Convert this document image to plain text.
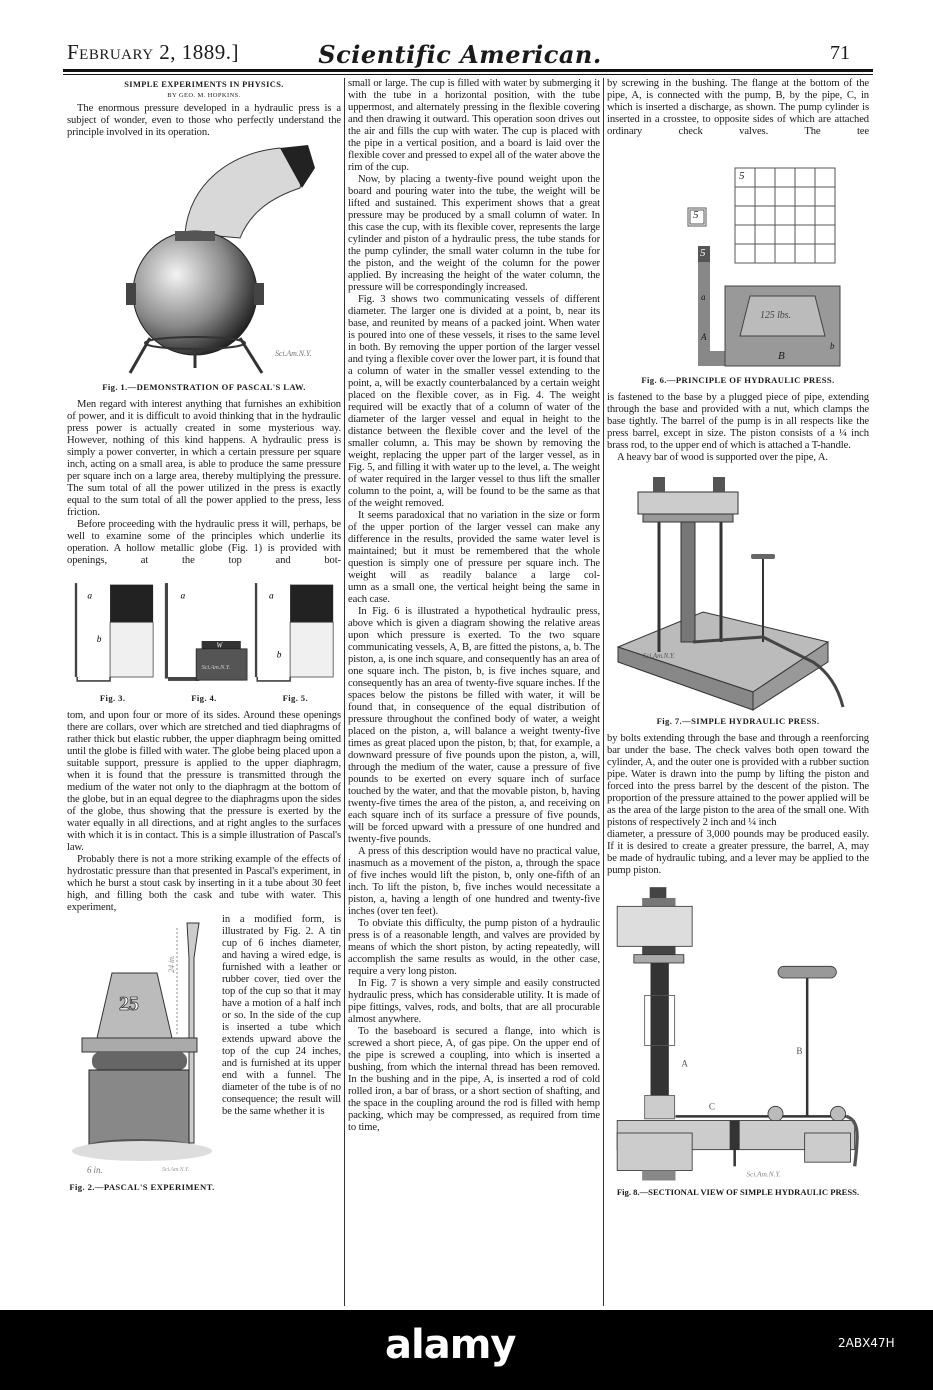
February 2, 1889.]	Scientific American.	71
SIMPLE EXPERIMENTS IN PHYSICS.
BY GEO. M. HOPKINS.

The enormous pressure developed in a hydraulic press is a subject of wonder, even to those who perfectly understand the principle involved in its operation.

Sci.Am.N.Y.
Fig. 1.—DEMONSTRATION OF PASCAL'S LAW.

Men regard with interest anything that furnishes an exhibition of power, and it is difficult to avoid thinking that in the hydraulic press power is actually created in some mysterious way. However, nothing of this kind happens. A hydraulic press is simply a power converter, in which a certain pressure per square inch, acting on a small area, is able to produce the same pressure per square inch on a large area, thereby multiplying the pressure. The sum total of all the power utilized in the press is exactly equal to the sum total of all the power applied to the press, less friction.

Before proceeding with the hydraulic press it will, perhaps, be well to examine some of the principles which underlie its operation. A hollow metallic globe (Fig. 1) is provided with openings, at the top and bot-

a
b
a
W
Sci.Am.N.Y.
a
b
Fig. 3.	Fig. 4.	Fig. 5.

tom, and upon four or more of its sides. Around these openings there are collars, over which are stretched and tied diaphragms of rather thick but elastic rubber, the upper diaphragm being omitted until the globe is filled with water. The globe being placed upon a suitable support, pressure is applied to the upper diaphragm, when it is found that the pressure is transmitted through the medium of the water not only to the diaphragm at the bottom of the globe, but in an equal degree to the diaphragms upon the sides of the globe, thus showing that the pressure is exerted by the water equally in all directions, and at right angles to the surfaces with which it is in contact. This is a simple illustration of Pascal's law.

Probably there is not a more striking example of the effects of hydrostatic pressure than that presented in Pascal's experiment, in which he burst a stout cask by inserting in it a tube about 30 feet high, and filling both the cask and tube with water. This experiment,

25
24 in.
6 in.	Sci.Am.N.Y.
Fig. 2.—PASCAL'S EXPERIMENT.

in a modified form, is illustrated by Fig. 2. A tin cup of 6 inches diameter, and having a wired edge, is furnished with a leather or rubber cover, tied over the top of the cup so that it may have a motion of a half inch or so. In the side of the cup is inserted a tube which extends upward above the top of the cup 24 inches, and is furnished at its upper end with a funnel. The diameter of the tube is of no consequence; the result will be the same whether it is

small or large. The cup is filled with water by submerging it with the tube in a horizontal position, with the tube uppermost, and alternately pressing in the flexible covering and then drawing it outward. This operation soon drives out the air and fills the cup with water. The cup is placed with the pipe in a vertical position, and a board is laid over the flexible cover and pressed to expel all of the water above the rim of the cup.

Now, by placing a twenty-five pound weight upon the board and pouring water into the tube, the weight will be lifted and sustained. This experiment shows that a great pressure may be produced by a small column of water. In this case the cup, with its flexible cover, represents the large cylinder and piston of a hydraulic press, the tube stands for the pump cylinder, the small water column in the tube for the piston, and the weight of the column for the power applied. By increasing the height of the water column, the pressure will be correspondingly increased.

Fig. 3 shows two communicating vessels of different diameter. The larger one is divided at a point, b, near its base, and reunited by means of a packed joint. When water is poured into one of these vessels, it rises to the same level in both. By removing the upper portion of the larger vessel and tying a flexible cover over the lower part, it is found that a column of water in the smaller vessel extending to the point, a, will be exactly counterbalanced by a certain weight placed on the flexible cover, as in Fig. 4. The weight required will be exactly that of a column of water of the diameter of the larger vessel and equal in height to the distance between the flexible cover and the level of the smaller column, a. This may be shown by removing the weight, replacing the upper part of the larger vessel, as in Fig. 5, and filling it with water up to the level, a. The weight of water required in the larger vessel to thus lift the smaller column to the point, a, will be found to be the same as that of the weight removed.

It seems paradoxical that no variation in the size or form of the upper portion of the larger vessel can make any difference in the results, provided the same water level is maintained; but it must be remembered that the whole question is simply one of pressure per square inch. The weight will as readily balance a large col-

umn as a small one, the vertical height being the same in each case.

In Fig. 6 is illustrated a hypothetical hydraulic press, above which is given a diagram showing the relative areas upon which pressure is exerted. To the two square communicating vessels, A, B, are fitted the pistons, a, b. The piston, a, is one inch square, and consequently has an area of one square inch. The piston, b, is five inches square, and consequently has an area of twenty-five square inches. If the spaces below the pistons be filled with water, it will be found that, in consequence of the equal distribution of

pressure throughout the confined body of water, a weight placed on the piston, a, will balance a weight twenty-five times as great placed upon the piston, b; that, for example, a downward pressure of five pounds upon the piston, a, will, through the medium of the water, cause a pressure of five pounds to be exerted on every square inch of surface touched by the water, and that the movable piston, b, having twenty-five times the area of the piston, a, and receiving on each square inch of its surface a pressure of five pounds, will be forced upward with a pressure of one hundred and twenty-five pounds.

A press of this description would have no practical value, inasmuch as a movement of the piston, a, through the space of five inches would lift the piston, b, only one-fifth of an inch. To lift the piston, b, five inches would necessitate a piston, a, having a length of one hundred and twenty-five inches (over ten feet).

To obviate this difficulty, the pump piston of a hydraulic press is of a reasonable length, and valves are provided by means of which the short piston, by acting repeatedly, will accomplish the same results as would, in the other case, require a very long piston.

In Fig. 7 is shown a very simple and easily constructed hydraulic press, which has considerable utility. It is made of pipe fittings, valves, rods, and bolts, that are all procurable almost anywhere.

To the baseboard is secured a flange, into which is screwed a short piece, A, of gas pipe. On the upper end of the pipe is screwed a coupling, into which is inserted a bushing, from which the internal thread has been removed. In the bushing and in the pipe, A, is inserted a rod of cold rolled iron, a bar of brass, or a short section of shafting, and the space in the coupling around the rod is filled with hemp packing, which may be compressed, as required from time to time,

by screwing in the bushing. The flange at the bottom of the pipe, A, is connected with the pump, B, by the pipe, C, in which is inserted a discharge, as shown. The pump cylinder is inserted in a crosstee, to opposite sides of which are attached ordinary check valves. The tee

5
5
5
a
A
125 lbs.
b
B
Fig. 6.—PRINCIPLE OF HYDRAULIC PRESS.

is fastened to the base by a plugged piece of pipe, extending through the base and provided with a nut, which clamps the base tightly. The barrel of the pump is in all respects like the press barrel, except in size. The piston consists of a ¼ inch brass rod, to the upper end of which is attached a T-handle.

A heavy bar of wood is supported over the pipe, A.

Sci.Am.N.Y.
Fig. 7.—SIMPLE HYDRAULIC PRESS.

by bolts extending through the base and through a reenforcing bar under the base. The check valves both open toward the cylinder, A, and the outer one is provided with a rubber suction pipe. Water is drawn into the pump by lifting the piston and forced into the press barrel by the descent of the piston. The proportion of the pressure attained to the power applied will be as the area of the large piston to the area of the small one. With pistons of respectively 2 inch and ¼ inch

diameter, a pressure of 3,000 pounds may be produced easily. If it is desired to create a greater pressure, the barrel, A, may be made of hydraulic tubing, and a lever may be applied to the pump piston.

A
B
C
Sci.Am.N.Y.
Fig. 8.—SECTIONAL VIEW OF SIMPLE HYDRAULIC PRESS.
alamy	2ABX47H
